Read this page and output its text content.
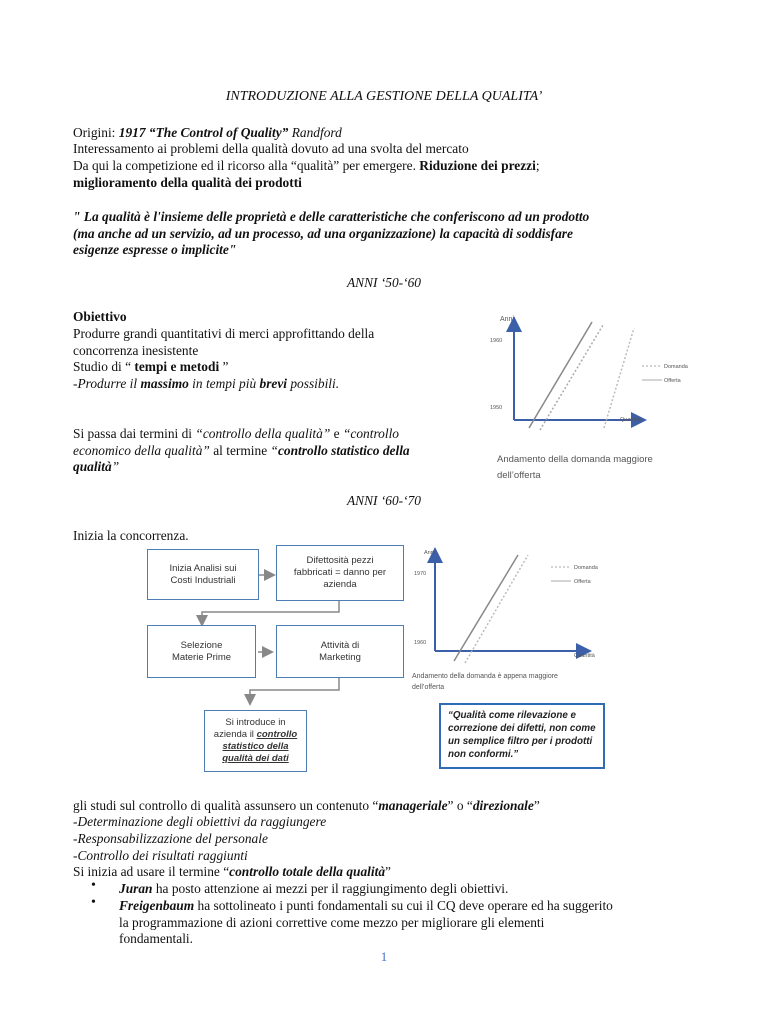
INTRODUZIONE ALLA GESTIONE DELLA QUALITA’
Origini: 1917 “The Control of Quality” Randford
Interessamento ai problemi della qualità dovuto ad una svolta del mercato
Da qui la competizione ed il ricorso alla “qualità” per emergere. Riduzione dei prezzi;
miglioramento della qualità dei prodotti
" La qualità è l'insieme delle proprietà e delle caratteristiche che conferiscono ad un prodotto
(ma anche ad un servizio, ad un processo, ad una organizzazione) la capacità di soddisfare
esigenze espresse o implicite"
ANNI ‘50-‘60
Obiettivo
Produrre grandi quantitativi di merci approfittando della
concorrenza inesistente
Studio di “ tempi e metodi ”
-Produrre il massimo in tempi più brevi possibili.
Si passa dai termini di “controllo della qualità” e “controllo
economico della qualità” al termine “controllo statistico della
qualità”
Anni
1960
1950
Domanda
Offerta
Quantità
Andamento della domanda maggiore
dell’offerta
ANNI ‘60-‘70
Inizia la concorrenza.
Inizia Analisi sui Costi Industriali
Difettosità pezzi fabbricati = danno per azienda
Selezione Materie Prime
Attività di Marketing
Si introduce in azienda il controllo statistico della qualità dei dati
Anni
1970
1960
Domanda
Offerta
Quantità
Andamento della domanda è appena maggiore
dell’offerta
“Qualità come rilevazione e correzione dei difetti, non come un semplice filtro per i prodotti non conformi.”
gli studi sul controllo di qualità assunsero un contenuto “manageriale” o “direzionale”
-Determinazione degli obiettivi da raggiungere
-Responsabilizzazione del personale
-Controllo dei risultati raggiunti
Si inizia ad usare il termine “controllo totale della qualità”
• Juran ha posto attenzione ai mezzi per il raggiungimento degli obiettivi.
• Freigenbaum ha sottolineato i punti fondamentali su cui il CQ deve operare ed ha suggerito
la programmazione di azioni correttive come mezzo per migliorare gli elementi
fondamentali.
1
